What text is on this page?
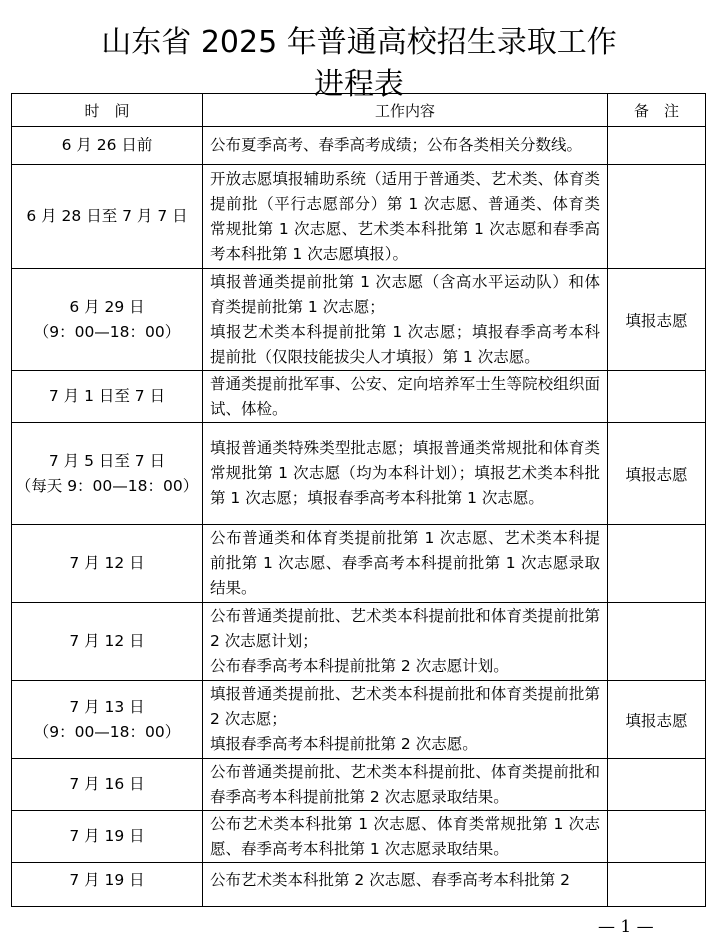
山东省 2025 年普通高校招生录取工作
进程表
时　间	工作内容	备　注

6 月 26 日前	公布夏季高考、春季高考成绩；公布各类相关分数线。	

6 月 28 日至 7 月 7 日	开放志愿填报辅助系统（适用于普通类、艺术类、体育类提前批（平行志愿部分）第 1 次志愿、普通类、体育类常规批第 1 次志愿、艺术类本科批第 1 次志愿和春季高考本科批第 1 次志愿填报）。	

6 月 29 日
（9：00—18：00）	填报普通类提前批第 1 次志愿（含高水平运动队）和体育类提前批第 1 次志愿；
填报艺术类本科提前批第 1 次志愿；填报春季高考本科提前批（仅限技能拔尖人才填报）第 1 次志愿。	填报志愿

7 月 1 日至 7 日	普通类提前批军事、公安、定向培养军士生等院校组织面试、体检。	

7 月 5 日至 7 日
（每天 9：00—18：00）	填报普通类特殊类型批志愿；填报普通类常规批和体育类常规批第 1 次志愿（均为本科计划）；填报艺术类本科批第 1 次志愿；填报春季高考本科批第 1 次志愿。	填报志愿

7 月 12 日	公布普通类和体育类提前批第 1 次志愿、艺术类本科提前批第 1 次志愿、春季高考本科提前批第 1 次志愿录取结果。	

7 月 12 日	公布普通类提前批、艺术类本科提前批和体育类提前批第 2 次志愿计划；
公布春季高考本科提前批第 2 次志愿计划。	

7 月 13 日
（9：00—18：00）	填报普通类提前批、艺术类本科提前批和体育类提前批第 2 次志愿；
填报春季高考本科提前批第 2 次志愿。	填报志愿

7 月 16 日	公布普通类提前批、艺术类本科提前批、体育类提前批和春季高考本科提前批第 2 次志愿录取结果。	

7 月 19 日	公布艺术类本科批第 1 次志愿、体育类常规批第 1 次志愿、春季高考本科批第 1 次志愿录取结果。	

7 月 19 日	公布艺术类本科批第 2 次志愿、春季高考本科批第 2	

— 1 —
